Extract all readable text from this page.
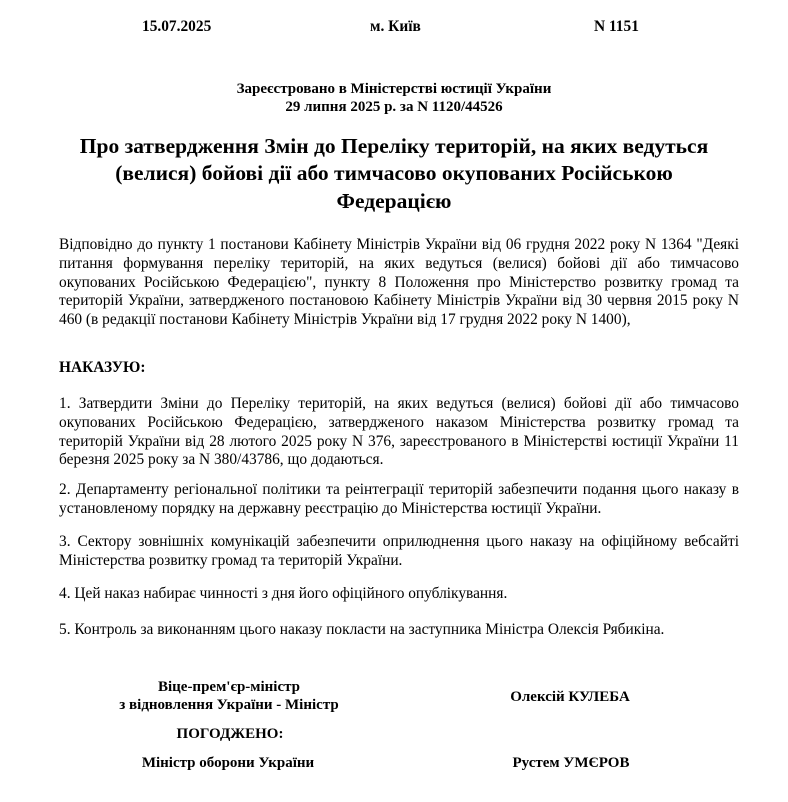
15.07.2025	м. Київ	N 1151
Зареєстровано в Міністерстві юстиції України
29 липня 2025 р. за N 1120/44526
Про затвердження Змін до Переліку територій, на яких ведуться (велися) бойові дії або тимчасово окупованих Російською Федерацією
Відповідно до пункту 1 постанови Кабінету Міністрів України від 06 грудня 2022 року N 1364 "Деякі питання формування переліку територій, на яких ведуться (велися) бойові дії або тимчасово окупованих Російською Федерацією", пункту 8 Положення про Міністерство розвитку громад та територій України, затвердженого постановою Кабінету Міністрів України від 30 червня 2015 року N 460 (в редакції постанови Кабінету Міністрів України від 17 грудня 2022 року N 1400),
НАКАЗУЮ:
1. Затвердити Зміни до Переліку територій, на яких ведуться (велися) бойові дії або тимчасово окупованих Російською Федерацією, затвердженого наказом Міністерства розвитку громад та територій України від 28 лютого 2025 року N 376, зареєстрованого в Міністерстві юстиції України 11 березня 2025 року за N 380/43786, що додаються.
2. Департаменту регіональної політики та реінтеграції територій забезпечити подання цього наказу в установленому порядку на державну реєстрацію до Міністерства юстиції України.
3. Сектору зовнішніх комунікацій забезпечити оприлюднення цього наказу на офіційному вебсайті Міністерства розвитку громад та територій України.
4. Цей наказ набирає чинності з дня його офіційного опублікування.
5. Контроль за виконанням цього наказу покласти на заступника Міністра Олексія Рябикіна.
Віце-прем'єр-міністр
з відновлення України - Міністр
Олексій КУЛЕБА
ПОГОДЖЕНО:
Міністр оборони України	Рустем УМЄРОВ
